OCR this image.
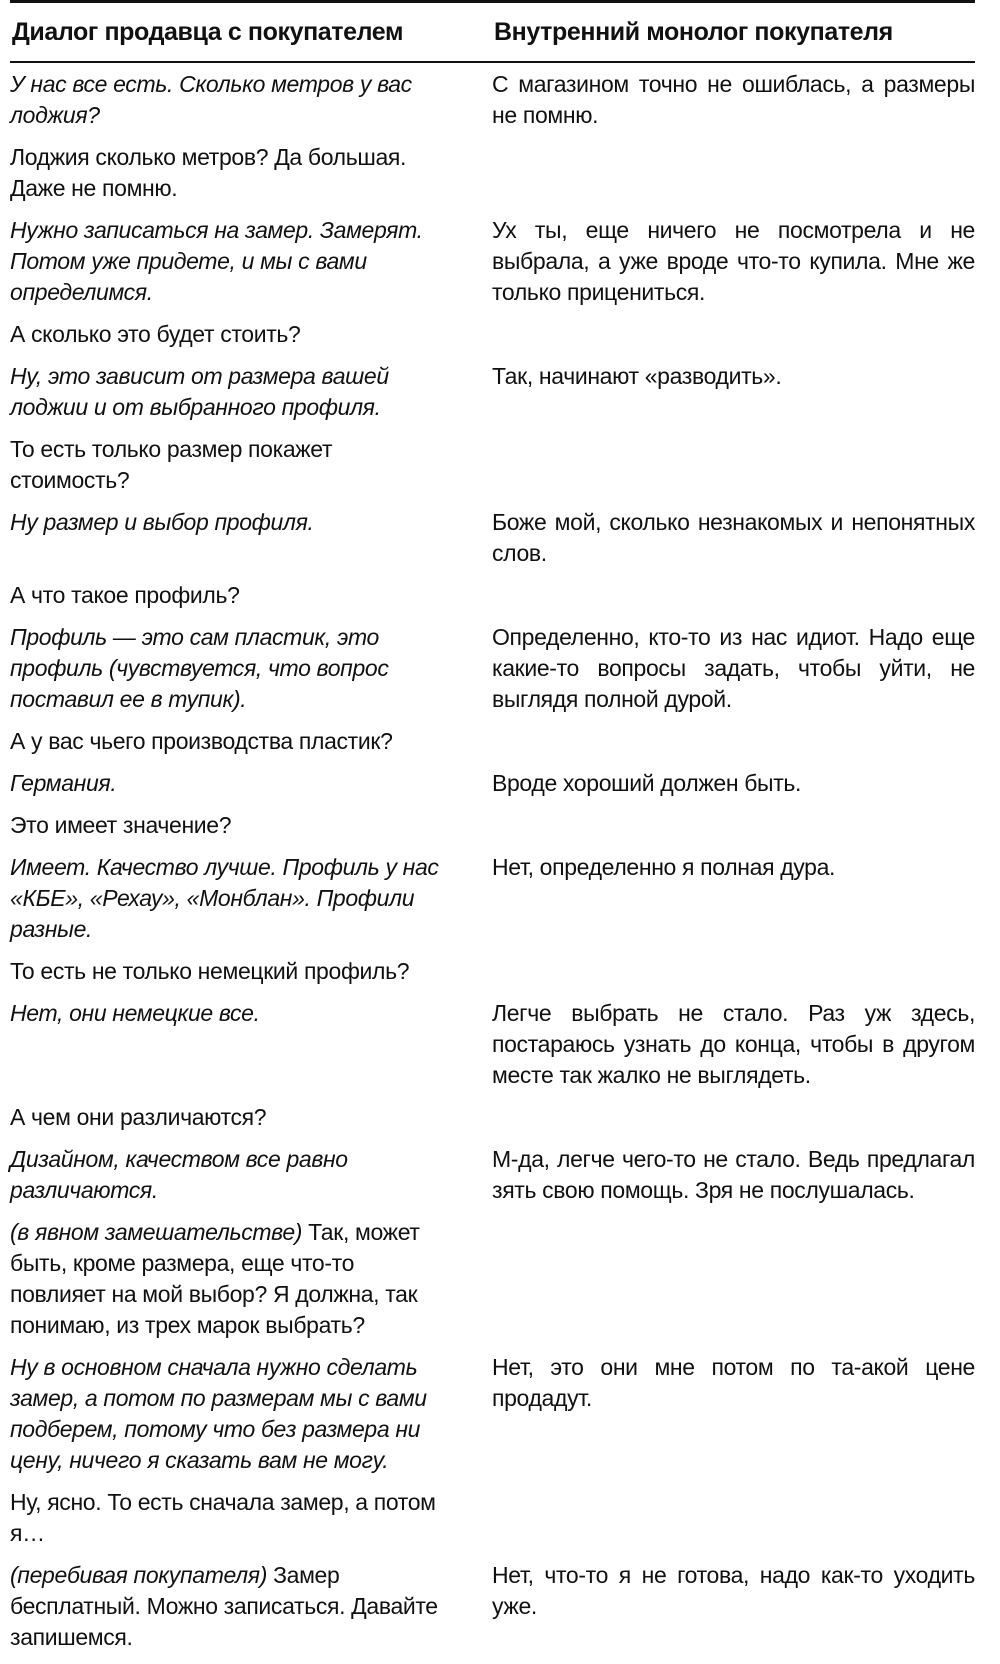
Диалог продавца с покупателем	Внутренний монолог покупателя
У нас все есть. Сколько метров у вас лоджия?	С магазином точно не ошиблась, а размеры не помню.
Лоджия сколько метров? Да большая. Даже не помню.	
Нужно записаться на замер. Замерят. Потом уже придете, и мы с вами определимся.	Ух ты, еще ничего не посмотрела и не выбрала, а уже вроде что-то купила. Мне же только прицениться.
А сколько это будет стоить?	
Ну, это зависит от размера вашей лоджии и от выбранного профиля.	Так, начинают «разводить».
То есть только размер покажет стоимость?	
Ну размер и выбор профиля.	Боже мой, сколько незнакомых и непонятных слов.
А что такое профиль?	
Профиль — это сам пластик, это профиль (чувствуется, что вопрос поставил ее в тупик).	Определенно, кто-то из нас идиот. Надо еще какие-то вопросы задать, чтобы уйти, не выглядя полной дурой.
А у вас чьего производства пластик?	
Германия.	Вроде хороший должен быть.
Это имеет значение?	
Имеет. Качество лучше. Профиль у нас «КБЕ», «Рехау», «Монблан». Профили разные.	Нет, определенно я полная дура.
То есть не только немецкий профиль?	
Нет, они немецкие все.	Легче выбрать не стало. Раз уж здесь, постараюсь узнать до конца, чтобы в другом месте так жалко не выглядеть.
А чем они различаются?	
Дизайном, качеством все равно различаются.	М-да, легче чего-то не стало. Ведь предлагал зять свою помощь. Зря не послушалась.
(в явном замешательстве) Так, может быть, кроме размера, еще что-то повлияет на мой выбор? Я должна, так понимаю, из трех марок выбрать?	
Ну в основном сначала нужно сделать замер, а потом по размерам мы с вами подберем, потому что без размера ни цену, ничего я сказать вам не могу.	Нет, это они мне потом по та-акой цене продадут.
Ну, ясно. То есть сначала замер, а потом я…	
(перебивая покупателя) Замер бесплатный. Можно записаться. Давайте запишемся.	Нет, что-то я не готова, надо как-то уходить уже.
